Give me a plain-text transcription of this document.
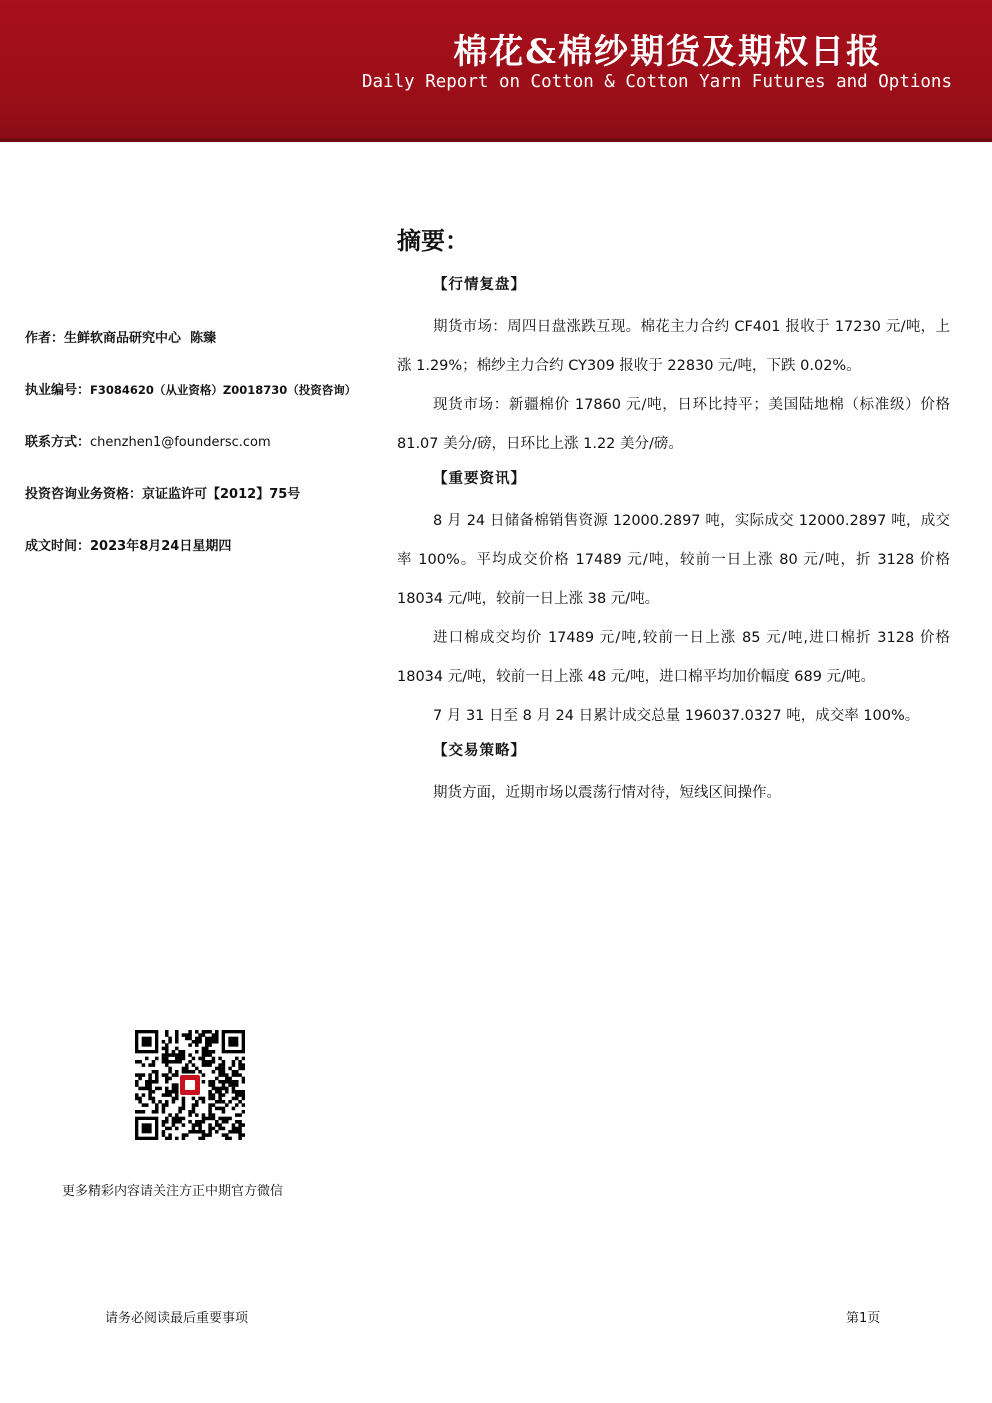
棉花&棉纱期货及期权日报
Daily Report on Cotton & Cotton Yarn Futures and Options
作者：生鲜软商品研究中心  陈臻
执业编号：F3084620（从业资格）Z0018730（投资咨询）
联系方式：chenzhen1@foundersc.com
投资咨询业务资格：京证监许可【2012】75号
成文时间：2023年8月24日星期四
摘要：
【行情复盘】

期货市场：周四日盘涨跌互现。棉花主力合约 CF401 报收于 17230 元/吨，上涨 1.29%；棉纱主力合约 CY309 报收于 22830 元/吨，下跌 0.02%。

现货市场：新疆棉价 17860 元/吨，日环比持平；美国陆地棉（标准级）价格 81.07 美分/磅，日环比上涨 1.22 美分/磅。

【重要资讯】

8 月 24 日储备棉销售资源 12000.2897 吨，实际成交 12000.2897 吨，成交率 100%。平均成交价格 17489 元/吨，较前一日上涨 80 元/吨，折 3128 价格 18034 元/吨，较前一日上涨 38 元/吨。

进口棉成交均价 17489 元/吨,较前一日上涨 85 元/吨,进口棉折 3128 价格 18034 元/吨，较前一日上涨 48 元/吨，进口棉平均加价幅度 689 元/吨。

7 月 31 日至 8 月 24 日累计成交总量 196037.0327 吨，成交率 100%。

【交易策略】

期货方面，近期市场以震荡行情对待，短线区间操作。

更多精彩内容请关注方正中期官方微信
请务必阅读最后重要事项	第1页
